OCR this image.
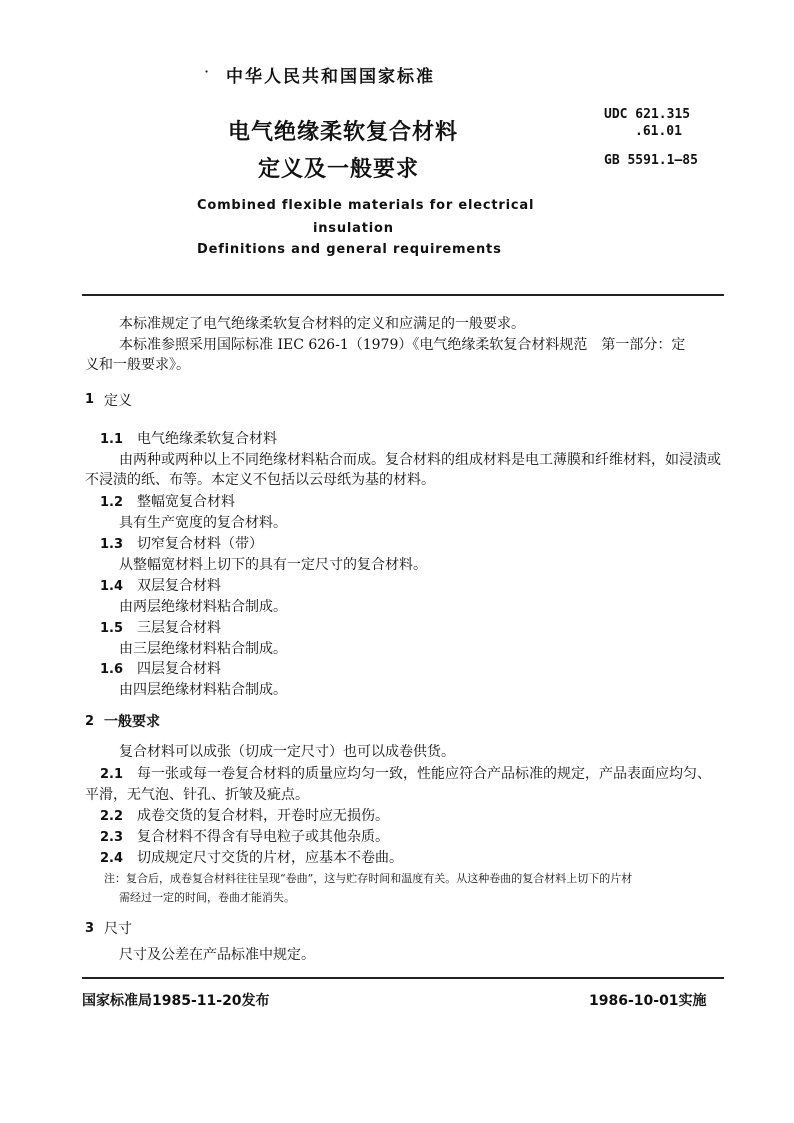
· 中华人民共和国国家标准
电气绝缘柔软复合材料
定义及一般要求
UDC 621.315
.61.01
GB 5591.1—85
Combined flexible materials for electrical
insulation
Definitions and general requirements
本标准规定了电气绝缘柔软复合材料的定义和应满足的一般要求。
本标准参照采用国际标准 IEC 626-1（1979）《电气绝缘柔软复合材料规范　第一部分：定
义和一般要求》。
1 定义
1.1 电气绝缘柔软复合材料
由两种或两种以上不同绝缘材料粘合而成。复合材料的组成材料是电工薄膜和纤维材料，如浸渍或
不浸渍的纸、布等。本定义不包括以云母纸为基的材料。
1.2 整幅宽复合材料
具有生产宽度的复合材料。
1.3 切窄复合材料（带）
从整幅宽材料上切下的具有一定尺寸的复合材料。
1.4 双层复合材料
由两层绝缘材料粘合制成。
1.5 三层复合材料
由三层绝缘材料粘合制成。
1.6 四层复合材料
由四层绝缘材料粘合制成。
2 一般要求
复合材料可以成张（切成一定尺寸）也可以成卷供货。
2.1 每一张或每一卷复合材料的质量应均匀一致，性能应符合产品标准的规定，产品表面应均匀、
平滑，无气泡、针孔、折皱及疵点。
2.2 成卷交货的复合材料，开卷时应无损伤。
2.3 复合材料不得含有导电粒子或其他杂质。
2.4 切成规定尺寸交货的片材，应基本不卷曲。
注：复合后，成卷复合材料往往呈现“卷曲”，这与贮存时间和温度有关。从这种卷曲的复合材料上切下的片材
需经过一定的时间，卷曲才能消失。
3 尺寸
尺寸及公差在产品标准中规定。
国家标准局1985-11-20发布	1986-10-01实施
